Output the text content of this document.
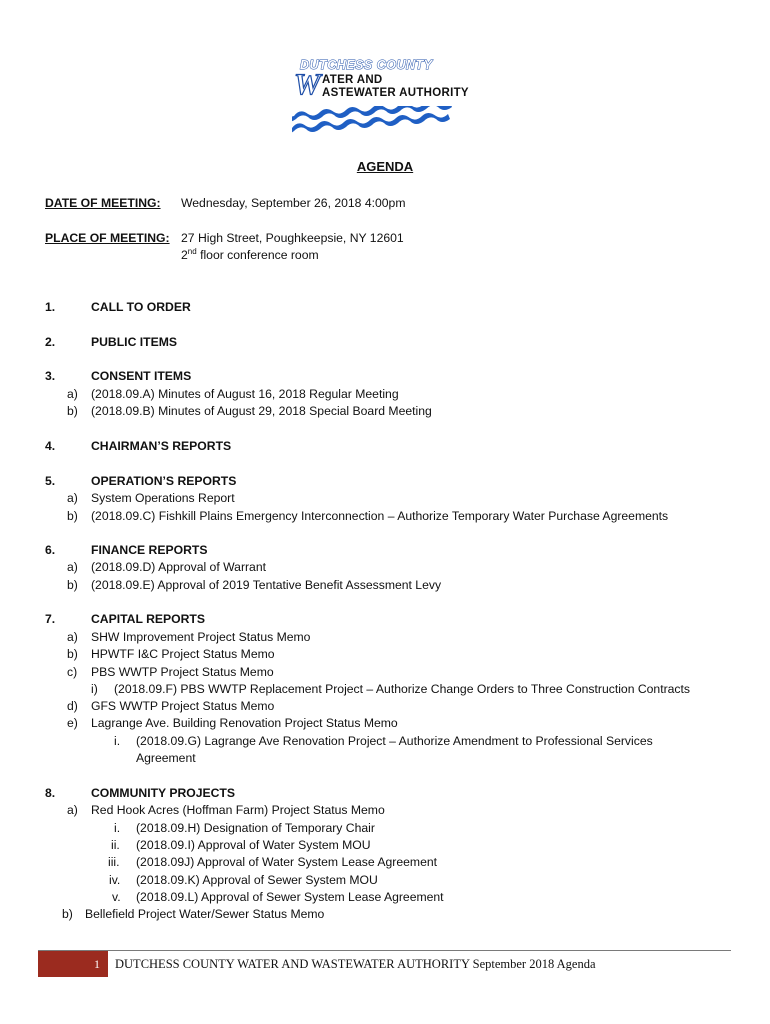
DUTCHESS COUNTY
W ATER AND
ASTEWATER AUTHORITY
AGENDA
DATE OF MEETING: Wednesday, September 26, 2018 4:00pm
PLACE OF MEETING: 27 High Street, Poughkeepsie, NY 12601
2nd floor conference room
1.	CALL TO ORDER
2.	PUBLIC ITEMS
3.	CONSENT ITEMS
a) (2018.09.A) Minutes of August 16, 2018 Regular Meeting
b) (2018.09.B) Minutes of August 29, 2018 Special Board Meeting
4.	CHAIRMAN’S REPORTS
5.	OPERATION’S REPORTS
a) System Operations Report
b) (2018.09.C) Fishkill Plains Emergency Interconnection – Authorize Temporary Water Purchase Agreements
6.	FINANCE REPORTS
a) (2018.09.D) Approval of Warrant
b) (2018.09.E) Approval of 2019 Tentative Benefit Assessment Levy
7.	CAPITAL REPORTS
a) SHW Improvement Project Status Memo
b) HPWTF I&C Project Status Memo
c) PBS WWTP Project Status Memo
i) (2018.09.F) PBS WWTP Replacement Project – Authorize Change Orders to Three Construction Contracts
d) GFS WWTP Project Status Memo
e) Lagrange Ave. Building Renovation Project Status Memo
i. (2018.09.G) Lagrange Ave Renovation Project – Authorize Amendment to Professional Services
Agreement
8.	COMMUNITY PROJECTS
a) Red Hook Acres (Hoffman Farm) Project Status Memo
i. (2018.09.H) Designation of Temporary Chair
ii. (2018.09.I) Approval of Water System MOU
iii. (2018.09J) Approval of Water System Lease Agreement
iv. (2018.09.K) Approval of Sewer System MOU
v. (2018.09.L) Approval of Sewer System Lease Agreement
b) Bellefield Project Water/Sewer Status Memo
1 DUTCHESS COUNTY WATER AND WASTEWATER AUTHORITY September 2018 Agenda
